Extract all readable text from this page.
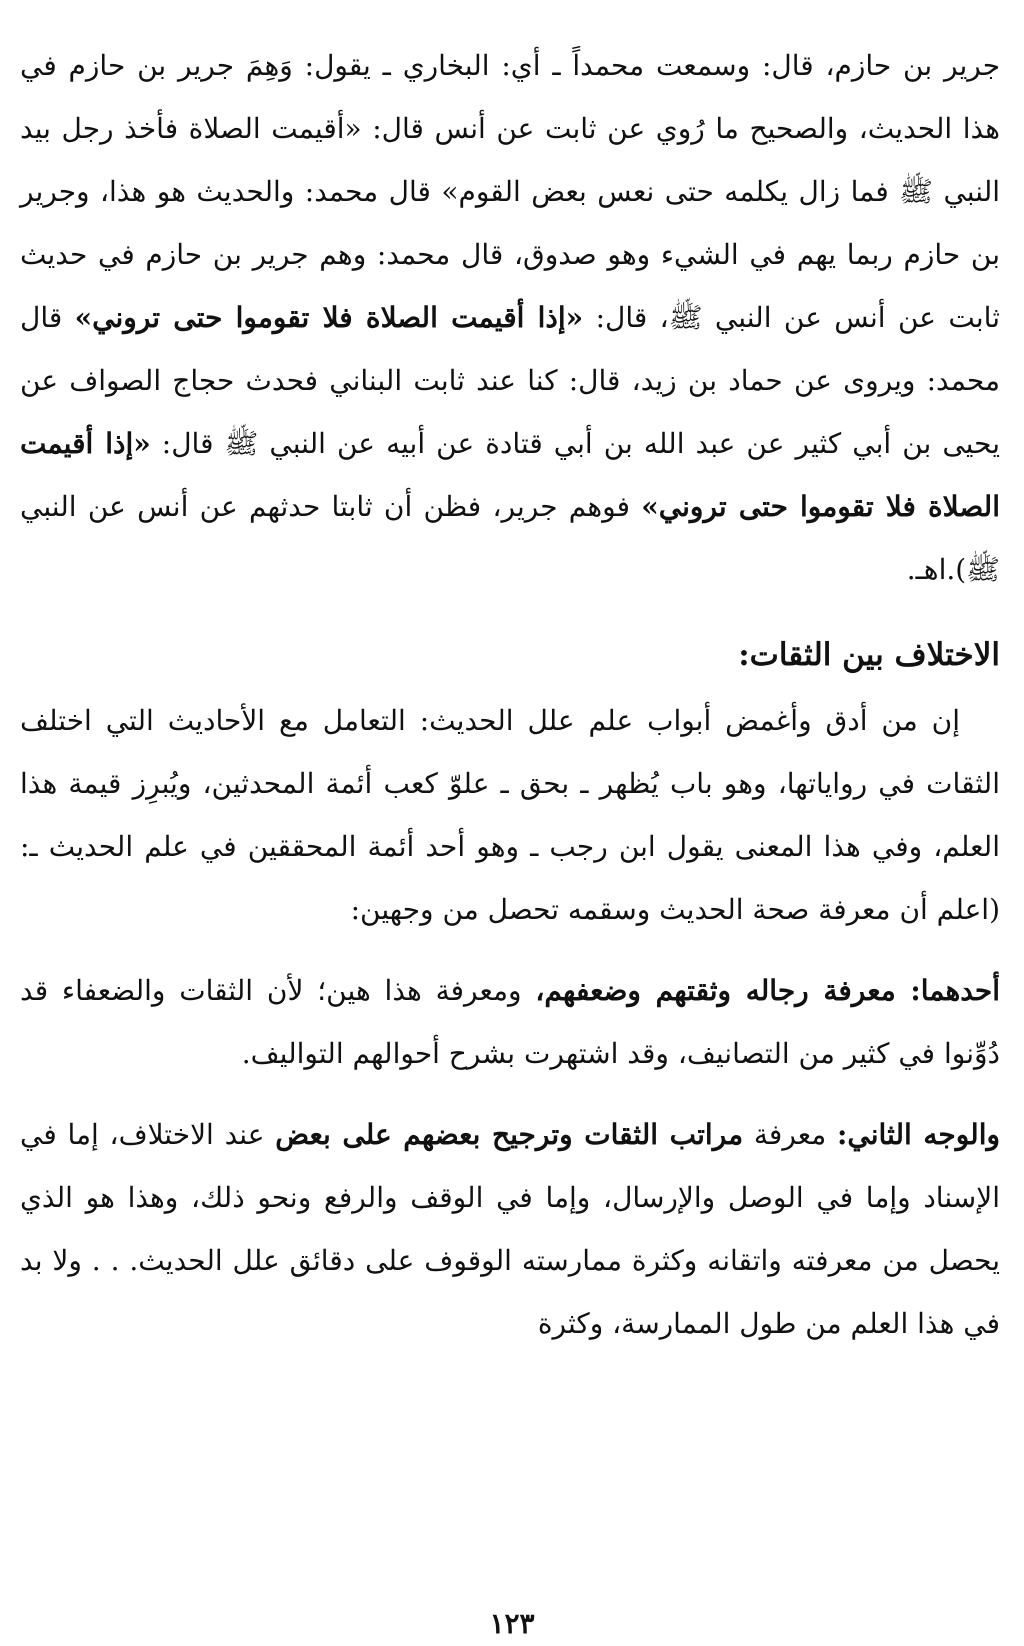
جرير بن حازم، قال: وسمعت محمداً ـ أي: البخاري ـ يقول: وَهِمَ جرير بن حازم في هذا الحديث، والصحيح ما رُوي عن ثابت عن أنس قال: «أقيمت الصلاة فأخذ رجل بيد النبي ﷺ فما زال يكلمه حتى نعس بعض القوم» قال محمد: والحديث هو هذا، وجرير بن حازم ربما يهم في الشيء وهو صدوق، قال محمد: وهم جرير بن حازم في حديث ثابت عن أنس عن النبي ﷺ، قال: «إذا أقيمت الصلاة فلا تقوموا حتى تروني» قال محمد: ويروى عن حماد بن زيد، قال: كنا عند ثابت البناني فحدث حجاج الصواف عن يحيى بن أبي كثير عن عبد الله بن أبي قتادة عن أبيه عن النبي ﷺ قال: «إذا أقيمت الصلاة فلا تقوموا حتى تروني» فوهم جرير، فظن أن ثابتا حدثهم عن أنس عن النبي ﷺ).اهـ.

الاختلاف بين الثقات:

إن من أدق وأغمض أبواب علم علل الحديث: التعامل مع الأحاديث التي اختلف الثقات في رواياتها، وهو باب يُظهر ـ بحق ـ علوّ كعب أئمة المحدثين، ويُبرِز قيمة هذا العلم، وفي هذا المعنى يقول ابن رجب ـ وهو أحد أئمة المحققين في علم الحديث ـ: (اعلم أن معرفة صحة الحديث وسقمه تحصل من وجهين:

أحدهما: معرفة رجاله وثقتهم وضعفهم، ومعرفة هذا هين؛ لأن الثقات والضعفاء قد دُوِّنوا في كثير من التصانيف، وقد اشتهرت بشرح أحوالهم التواليف.

والوجه الثاني: معرفة مراتب الثقات وترجيح بعضهم على بعض عند الاختلاف، إما في الإسناد وإما في الوصل والإرسال، وإما في الوقف والرفع ونحو ذلك، وهذا هو الذي يحصل من معرفته واتقانه وكثرة ممارسته الوقوف على دقائق علل الحديث. . . ولا بد في هذا العلم من طول الممارسة، وكثرة

١٢٣
